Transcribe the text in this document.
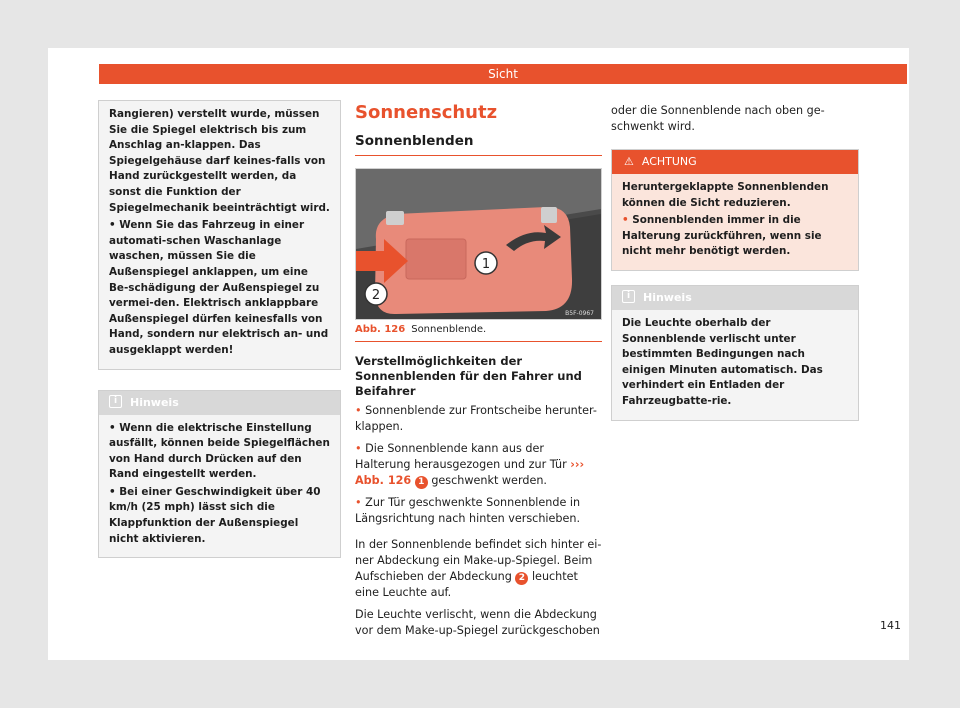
Sicht

Rangieren) verstellt wurde, müssen Sie die Spiegel elektrisch bis zum Anschlag an-klappen. Das Spiegelgehäuse darf keines-falls von Hand zurückgestellt werden, da sonst die Funktion der Spiegelmechanik beeinträchtigt wird.

• Wenn Sie das Fahrzeug in einer automati-schen Waschanlage waschen, müssen Sie die Außenspiegel anklappen, um eine Be-schädigung der Außenspiegel zu vermei-den. Elektrisch anklappbare Außenspiegel dürfen keinesfalls von Hand, sondern nur elektrisch an- und ausgeklappt werden!

i Hinweis

• Wenn die elektrische Einstellung ausfällt, können beide Spiegelflächen von Hand durch Drücken auf den Rand eingestellt werden.

• Bei einer Geschwindigkeit über 40 km/h (25 mph) lässt sich die Klappfunktion der Außenspiegel nicht aktivieren.

Sonnenschutz
Sonnenblenden
1
2
B5F-0967
Abb. 126 Sonnenblende.
Verstellmöglichkeiten der Sonnenblenden für den Fahrer und Beifahrer

• Sonnenblende zur Frontscheibe herunter-klappen.

• Die Sonnenblende kann aus der Halterung herausgezogen und zur Tür ››› Abb. 126 1 geschwenkt werden.

• Zur Tür geschwenkte Sonnenblende in Längsrichtung nach hinten verschieben.

In der Sonnenblende befindet sich hinter ei-ner Abdeckung ein Make-up-Spiegel. Beim Aufschieben der Abdeckung 2 leuchtet eine Leuchte auf.

Die Leuchte verlischt, wenn die Abdeckung vor dem Make-up-Spiegel zurückgeschoben

oder die Sonnenblende nach oben ge-schwenkt wird.
⚠ ACHTUNG

Heruntergeklappte Sonnenblenden können die Sicht reduzieren.

• Sonnenblenden immer in die Halterung zurückführen, wenn sie nicht mehr benötigt werden.

i Hinweis

Die Leuchte oberhalb der Sonnenblende verlischt unter bestimmten Bedingungen nach einigen Minuten automatisch. Das verhindert ein Entladen der Fahrzeugbatte-rie.

141
